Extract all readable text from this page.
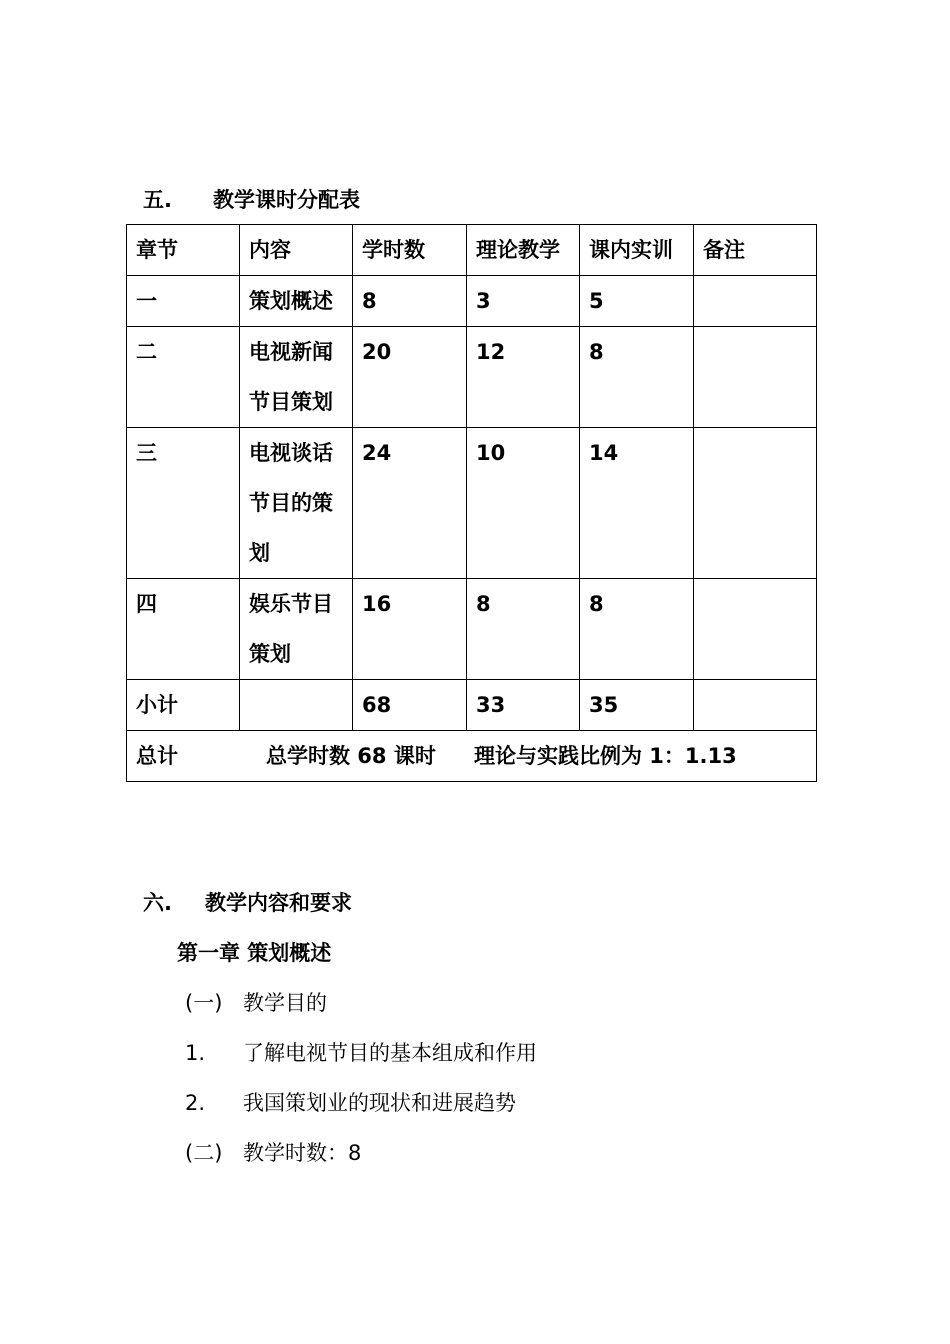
五. 教学课时分配表
章节	内容	学时数	理论教学	课内实训	备注
一	策划概述	8	3	5	
二	电视新闻节目策划	20	12	8	
三	电视谈话节目的策划	24	10	14	
四	娱乐节目策划	16	8	8	
小计		68	33	35	
总计 总学时数 68 课时 理论与实践比例为 1：1.13					
六. 教学内容和要求
第一章 策划概述
(一) 教学目的
1. 了解电视节目的基本组成和作用
2. 我国策划业的现状和进展趋势
(二) 教学时数：8
